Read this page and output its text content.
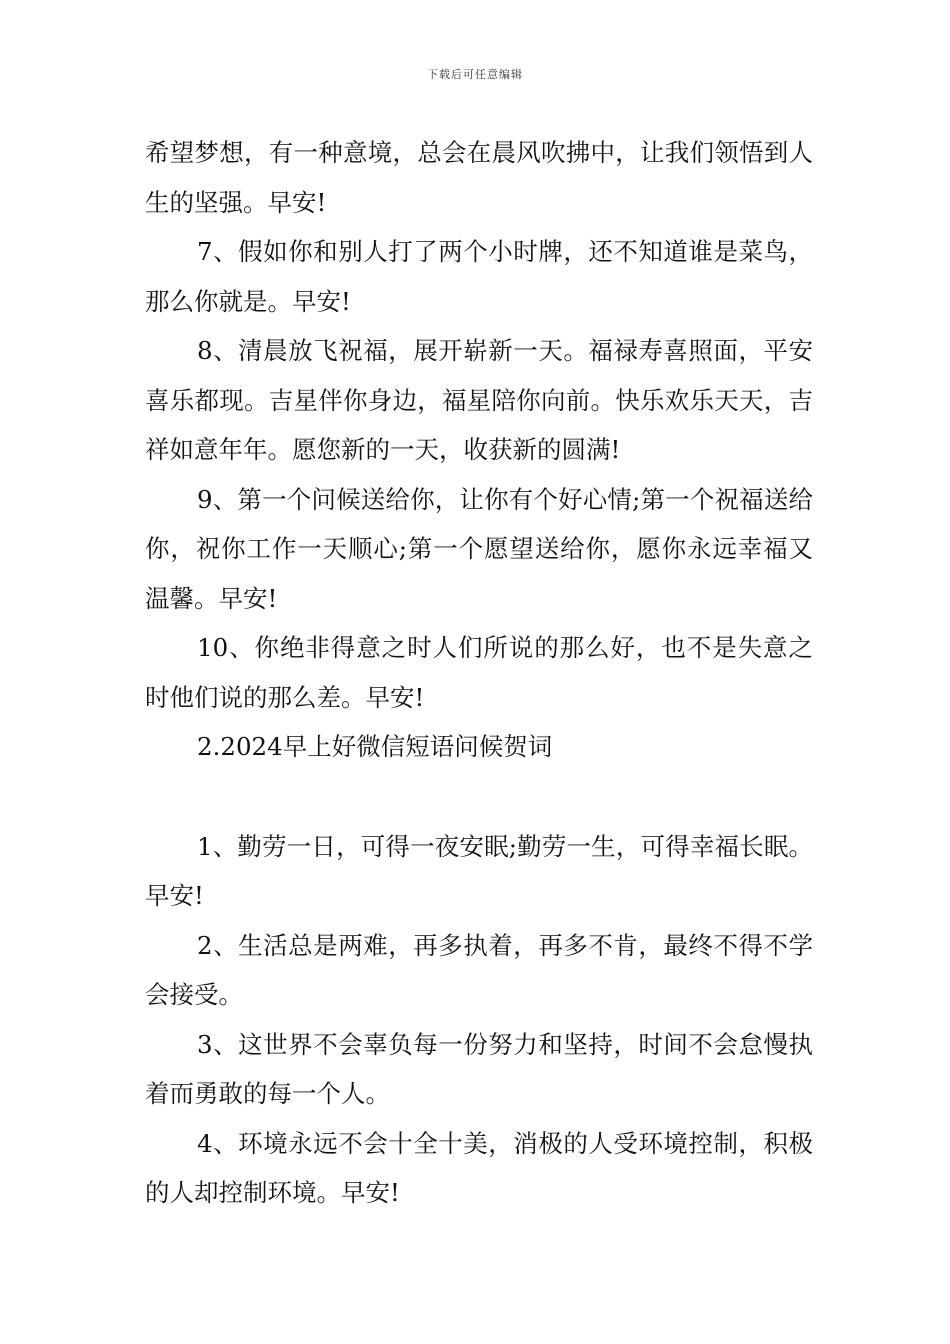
下载后可任意编辑

希望梦想，有一种意境，总会在晨风吹拂中，让我们领悟到人生的坚强。早安!

7、假如你和别人打了两个小时牌，还不知道谁是菜鸟，那么你就是。早安!

8、清晨放飞祝福，展开崭新一天。福禄寿喜照面，平安喜乐都现。吉星伴你身边，福星陪你向前。快乐欢乐天天，吉祥如意年年。愿您新的一天，收获新的圆满!

9、第一个问候送给你，让你有个好心情;第一个祝福送给你，祝你工作一天顺心;第一个愿望送给你，愿你永远幸福又温馨。早安!

10、你绝非得意之时人们所说的那么好，也不是失意之时他们说的那么差。早安!

2.2024早上好微信短语问候贺词

1、勤劳一日，可得一夜安眠;勤劳一生，可得幸福长眠。早安!

2、生活总是两难，再多执着，再多不肯，最终不得不学会接受。

3、这世界不会辜负每一份努力和坚持，时间不会怠慢执着而勇敢的每一个人。

4、环境永远不会十全十美，消极的人受环境控制，积极的人却控制环境。早安!
